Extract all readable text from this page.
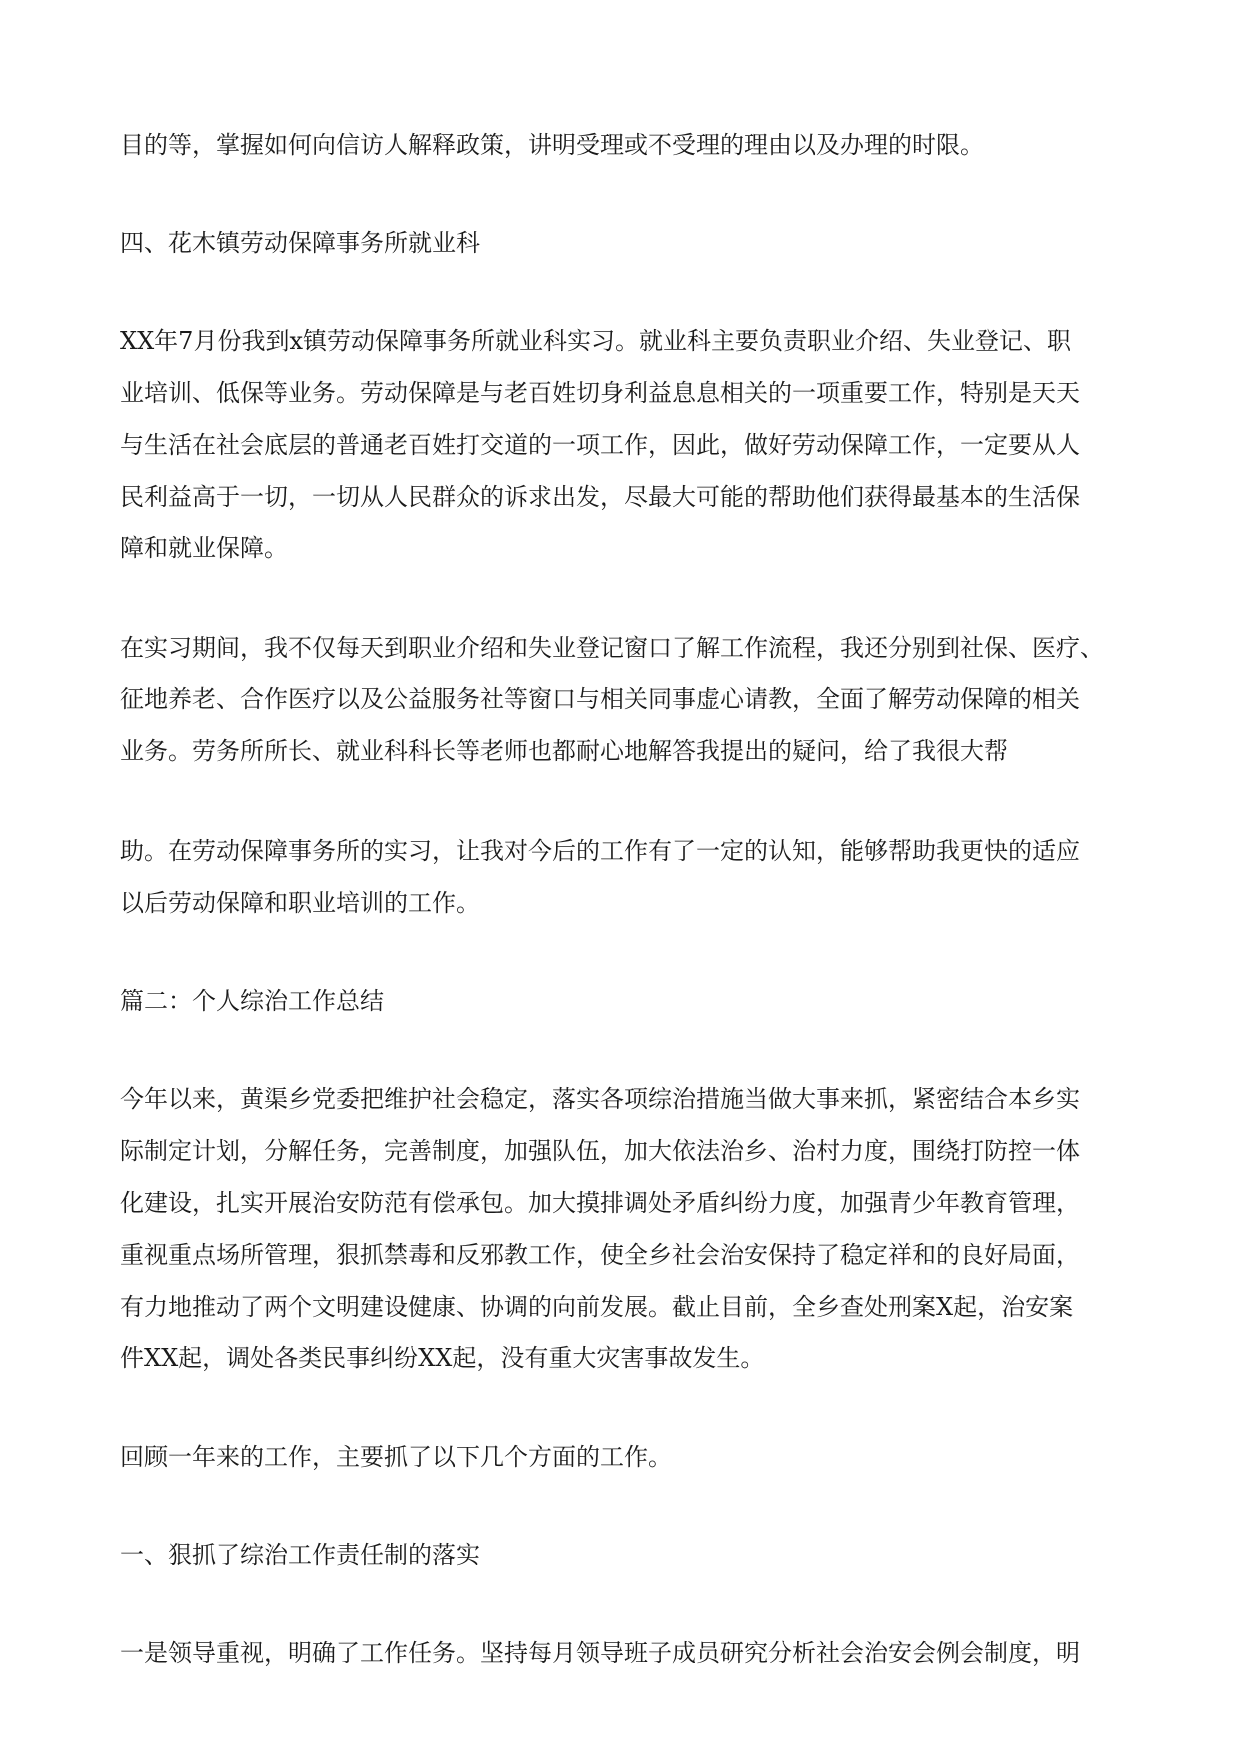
目的等，掌握如何向信访人解释政策，讲明受理或不受理的理由以及办理的时限。
四、花木镇劳动保障事务所就业科
XX年7月份我到x镇劳动保障事务所就业科实习。就业科主要负责职业介绍、失业登记、职
业培训、低保等业务。劳动保障是与老百姓切身利益息息相关的一项重要工作，特别是天天
与生活在社会底层的普通老百姓打交道的一项工作，因此，做好劳动保障工作，一定要从人
民利益高于一切，一切从人民群众的诉求出发，尽最大可能的帮助他们获得最基本的生活保
障和就业保障。
在实习期间，我不仅每天到职业介绍和失业登记窗口了解工作流程，我还分别到社保、医疗、
征地养老、合作医疗以及公益服务社等窗口与相关同事虚心请教，全面了解劳动保障的相关
业务。劳务所所长、就业科科长等老师也都耐心地解答我提出的疑问，给了我很大帮
助。在劳动保障事务所的实习，让我对今后的工作有了一定的认知，能够帮助我更快的适应
以后劳动保障和职业培训的工作。
篇二：个人综治工作总结
今年以来，黄渠乡党委把维护社会稳定，落实各项综治措施当做大事来抓，紧密结合本乡实
际制定计划，分解任务，完善制度，加强队伍，加大依法治乡、治村力度，围绕打防控一体
化建设，扎实开展治安防范有偿承包。加大摸排调处矛盾纠纷力度，加强青少年教育管理，
重视重点场所管理，狠抓禁毒和反邪教工作，使全乡社会治安保持了稳定祥和的良好局面，
有力地推动了两个文明建设健康、协调的向前发展。截止目前，全乡查处刑案X起，治安案
件XX起，调处各类民事纠纷XX起，没有重大灾害事故发生。
回顾一年来的工作，主要抓了以下几个方面的工作。
一、狠抓了综治工作责任制的落实
一是领导重视，明确了工作任务。坚持每月领导班子成员研究分析社会治安会例会制度，明
